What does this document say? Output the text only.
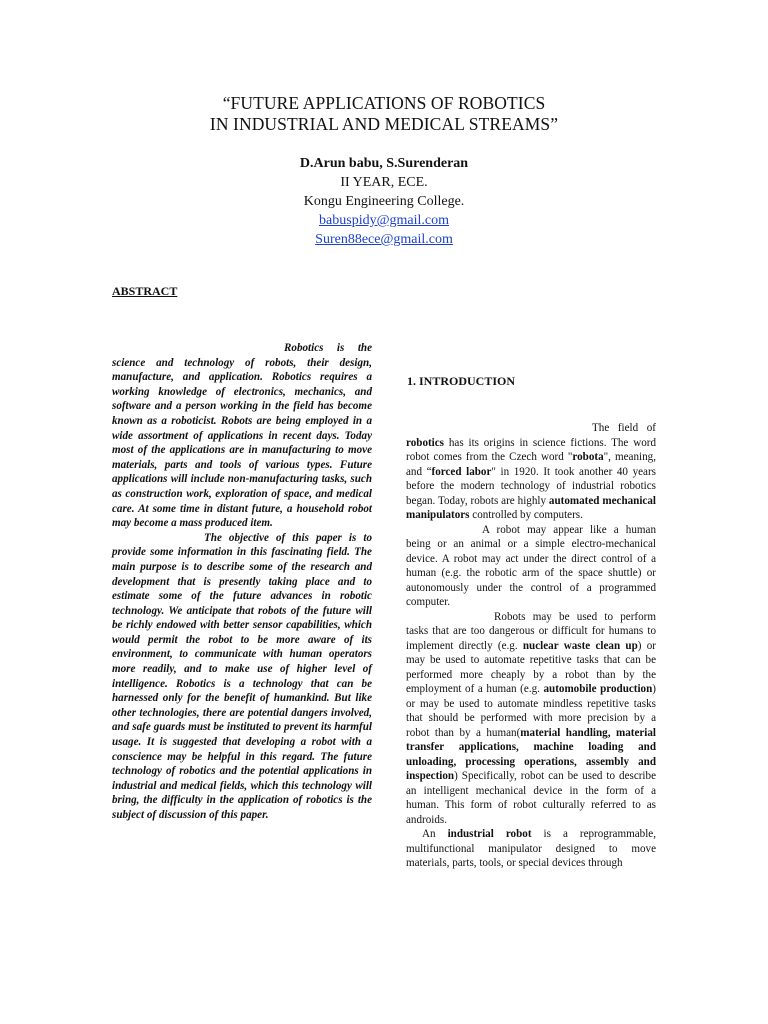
“FUTURE APPLICATIONS OF ROBOTICS
IN INDUSTRIAL AND MEDICAL STREAMS”
D.Arun babu, S.Surenderan
II YEAR, ECE.
Kongu Engineering College.
babuspidy@gmail.com
Suren88ece@gmail.com
ABSTRACT

Robotics is the science and technology of robots, their design, manufacture, and application. Robotics requires a working knowledge of electronics, mechanics, and software and a person working in the field has become known as a roboticist. Robots are being employed in a wide assortment of applications in recent days. Today most of the applications are in manufacturing to move materials, parts and tools of various types. Future applications will include non-manufacturing tasks, such as construction work, exploration of space, and medical care. At some time in distant future, a household robot may become a mass produced item.

The objective of this paper is to provide some information in this fascinating field. The main purpose is to describe some of the research and development that is presently taking place and to estimate some of the future advances in robotic technology. We anticipate that robots of the future will be richly endowed with better sensor capabilities, which would permit the robot to be more aware of its environment, to communicate with human operators more readily, and to make use of higher level of intelligence. Robotics is a technology that can be harnessed only for the benefit of humankind. But like other technologies, there are potential dangers involved, and safe guards must be instituted to prevent its harmful usage. It is suggested that developing a robot with a conscience may be helpful in this regard. The future technology of robotics and the potential applications in industrial and medical fields, which this technology will bring, the difficulty in the application of robotics is the subject of discussion of this paper.

1. INTRODUCTION

The field of robotics has its origins in science fictions. The word robot comes from the Czech word "robota", meaning, and “forced labor" in 1920. It took another 40 years before the modern technology of industrial robotics began. Today, robots are highly automated mechanical manipulators controlled by computers.

A robot may appear like a human being or an animal or a simple electro-mechanical device. A robot may act under the direct control of a human (e.g. the robotic arm of the space shuttle) or autonomously under the control of a programmed computer.

Robots may be used to perform tasks that are too dangerous or difficult for humans to implement directly (e.g. nuclear waste clean up) or may be used to automate repetitive tasks that can be performed more cheaply by a robot than by the employment of a human (e.g. automobile production) or may be used to automate mindless repetitive tasks that should be performed with more precision by a robot than by a human(material handling, material transfer applications, machine loading and unloading, processing operations, assembly and inspection) Specifically, robot can be used to describe an intelligent mechanical device in the form of a human. This form of robot culturally referred to as androids.

An industrial robot is a reprogrammable, multifunctional manipulator designed to move materials, parts, tools, or special devices through
